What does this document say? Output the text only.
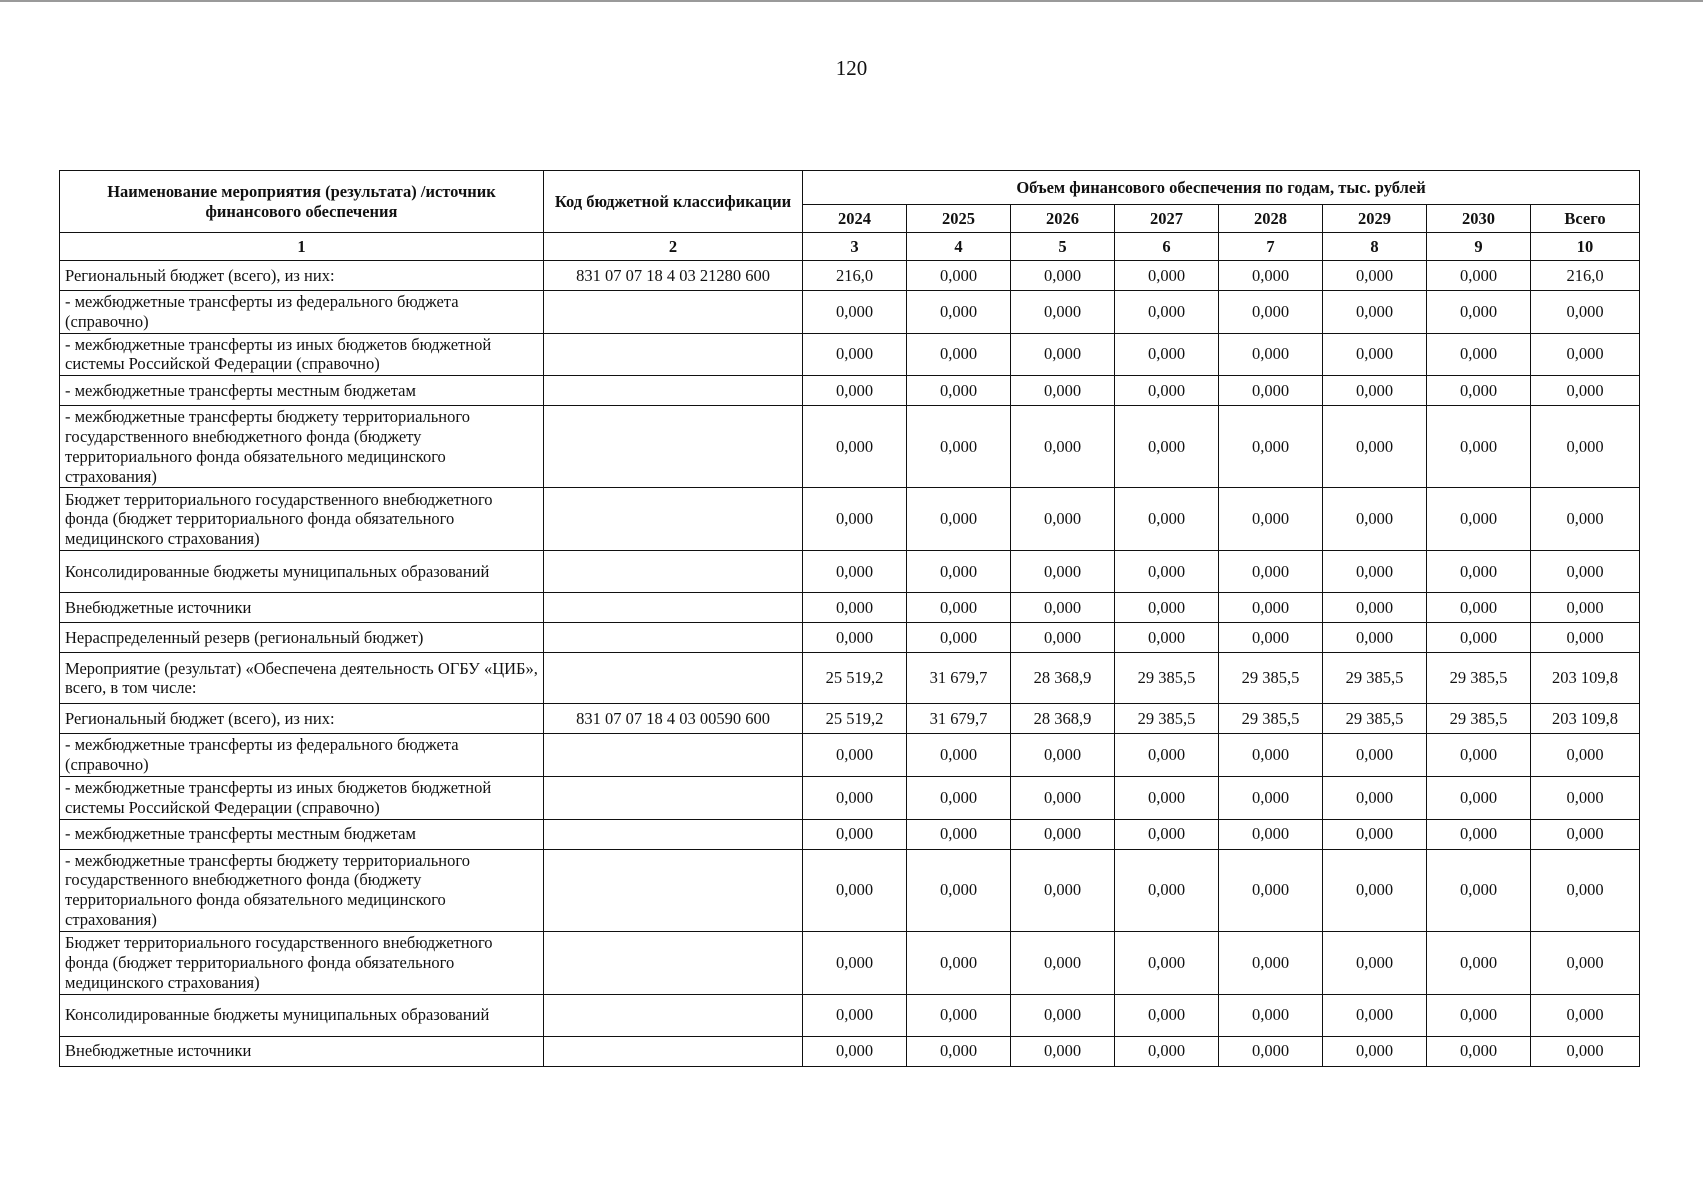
120
Наименование мероприятия (результата) /источник финансового обеспечения	Код бюджетной классификации	Объем финансового обеспечения по годам, тыс. рублей							
		2024	2025	2026	2027	2028	2029	2030	Всего
1	2	3	4	5	6	7	8	9	10
Региональный бюджет (всего), из них:	831 07 07 18 4 03 21280 600	216,0	0,000	0,000	0,000	0,000	0,000	0,000	216,0
- межбюджетные трансферты из федерального бюджета (справочно)		0,000	0,000	0,000	0,000	0,000	0,000	0,000	0,000
- межбюджетные трансферты из иных бюджетов бюджетной системы Российской Федерации (справочно)		0,000	0,000	0,000	0,000	0,000	0,000	0,000	0,000
- межбюджетные трансферты местным бюджетам		0,000	0,000	0,000	0,000	0,000	0,000	0,000	0,000
- межбюджетные трансферты бюджету территориального государственного внебюджетного фонда (бюджету территориального фонда обязательного медицинского страхования)		0,000	0,000	0,000	0,000	0,000	0,000	0,000	0,000
Бюджет территориального государственного внебюджетного фонда (бюджет территориального фонда обязательного медицинского страхования)		0,000	0,000	0,000	0,000	0,000	0,000	0,000	0,000
Консолидированные бюджеты муниципальных образований		0,000	0,000	0,000	0,000	0,000	0,000	0,000	0,000
Внебюджетные источники		0,000	0,000	0,000	0,000	0,000	0,000	0,000	0,000
Нераспределенный резерв (региональный бюджет)		0,000	0,000	0,000	0,000	0,000	0,000	0,000	0,000
Мероприятие (результат) «Обеспечена деятельность ОГБУ «ЦИБ», всего, в том числе:		25 519,2	31 679,7	28 368,9	29 385,5	29 385,5	29 385,5	29 385,5	203 109,8
Региональный бюджет (всего), из них:	831 07 07 18 4 03 00590 600	25 519,2	31 679,7	28 368,9	29 385,5	29 385,5	29 385,5	29 385,5	203 109,8
- межбюджетные трансферты из федерального бюджета (справочно)		0,000	0,000	0,000	0,000	0,000	0,000	0,000	0,000
- межбюджетные трансферты из иных бюджетов бюджетной системы Российской Федерации (справочно)		0,000	0,000	0,000	0,000	0,000	0,000	0,000	0,000
- межбюджетные трансферты местным бюджетам		0,000	0,000	0,000	0,000	0,000	0,000	0,000	0,000
- межбюджетные трансферты бюджету территориального государственного внебюджетного фонда (бюджету территориального фонда обязательного медицинского страхования)		0,000	0,000	0,000	0,000	0,000	0,000	0,000	0,000
Бюджет территориального государственного внебюджетного фонда (бюджет территориального фонда обязательного медицинского страхования)		0,000	0,000	0,000	0,000	0,000	0,000	0,000	0,000
Консолидированные бюджеты муниципальных образований		0,000	0,000	0,000	0,000	0,000	0,000	0,000	0,000
Внебюджетные источники		0,000	0,000	0,000	0,000	0,000	0,000	0,000	0,000
